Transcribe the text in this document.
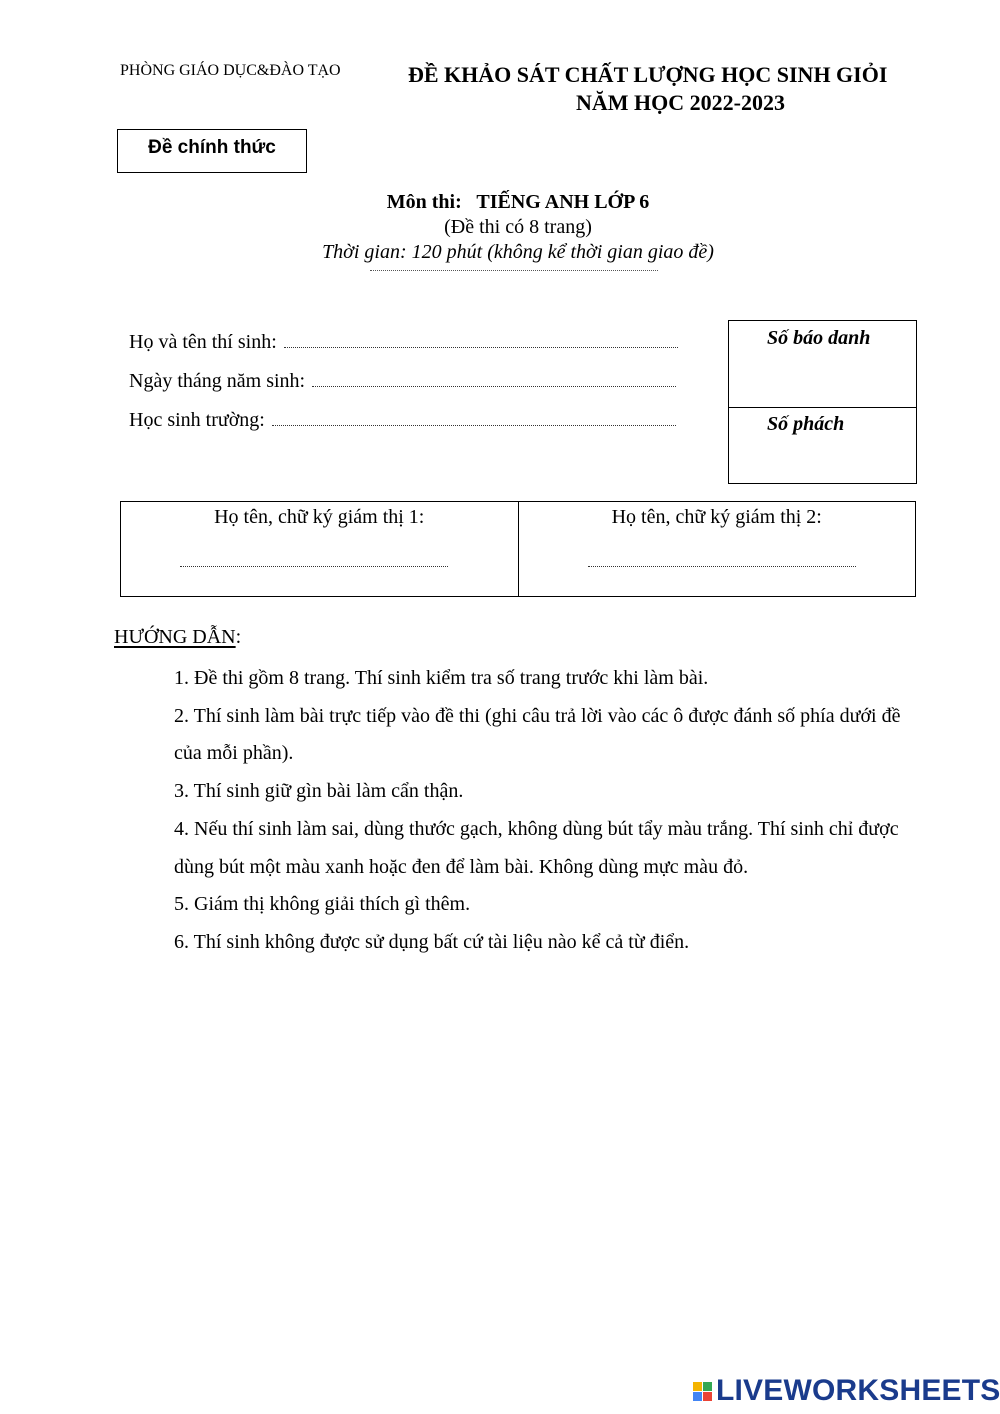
PHÒNG GIÁO DỤC&ĐÀO TẠO	ĐỀ KHẢO SÁT CHẤT LƯỢNG HỌC SINH GIỎI
NĂM HỌC 2022-2023
Đề chính thức
Môn thi:   TIẾNG ANH LỚP 6
(Đề thi có 8 trang)
Thời gian: 120 phút (không kể thời gian giao đề)
Họ và tên thí sinh:
Ngày tháng năm sinh:
Học sinh trường:
Số báo danh
Số phách
Họ tên, chữ ký giám thị 1:	Họ tên, chữ ký giám thị 2:
HƯỚNG DẪN:

1. Đề thi gồm 8 trang. Thí sinh kiểm tra số trang trước khi làm bài.

2. Thí sinh làm bài trực tiếp vào đề thi (ghi câu trả lời vào các ô được đánh số phía dưới đề của mỗi phần).

3. Thí sinh giữ gìn bài làm cẩn thận.

4. Nếu thí sinh làm sai, dùng thước gạch, không dùng bút tẩy màu trắng. Thí sinh chỉ được dùng bút một màu xanh hoặc đen để làm bài. Không dùng mực màu đỏ.

5. Giám thị không giải thích gì thêm.

6. Thí sinh không được sử dụng bất cứ tài liệu nào kể cả từ điển.

LIVEWORKSHEETS
